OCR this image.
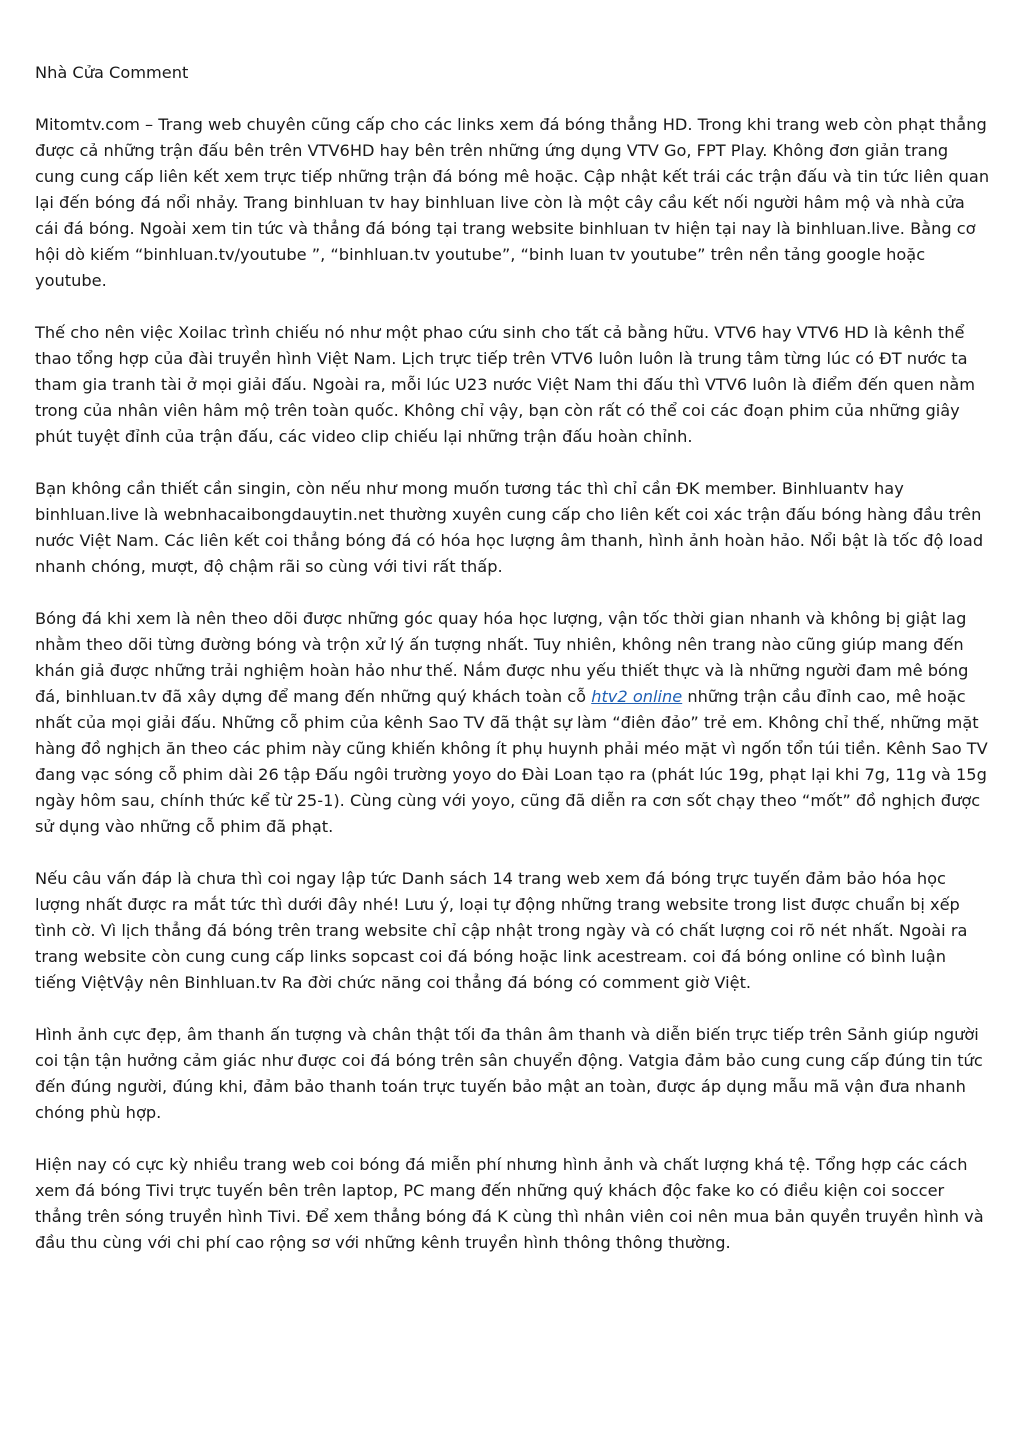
Nhà Cửa Comment

Mitomtv.com – Trang web chuyên cũng cấp cho các links xem đá bóng thẳng HD. Trong khi trang web còn phạt thẳng được cả những trận đấu bên trên VTV6HD hay bên trên những ứng dụng VTV Go, FPT Play. Không đơn giản trang cung cung cấp liên kết xem trực tiếp những trận đá bóng mê hoặc. Cập nhật kết trái các trận đấu và tin tức liên quan lại đến bóng đá nổi nhảy. Trang binhluan tv hay binhluan live còn là một cây cầu kết nối người hâm mộ và nhà cửa cái đá bóng. Ngoài xem tin tức và thẳng đá bóng tại trang website binhluan tv hiện tại nay là binhluan.live. Bằng cơ hội dò kiếm “binhluan.tv/youtube ”, “binhluan.tv youtube”, “binh luan tv youtube” trên nền tảng google hoặc youtube.

Thế cho nên việc Xoilac trình chiếu nó như một phao cứu sinh cho tất cả bằng hữu. VTV6 hay VTV6 HD là kênh thể thao tổng hợp của đài truyền hình Việt Nam. Lịch trực tiếp trên VTV6 luôn luôn là trung tâm từng lúc có ĐT nước ta tham gia tranh tài ở mọi giải đấu. Ngoài ra, mỗi lúc U23 nước Việt Nam thi đấu thì VTV6 luôn là điểm đến quen nằm trong của nhân viên hâm mộ trên toàn quốc. Không chỉ vậy, bạn còn rất có thể coi các đoạn phim của những giây phút tuyệt đỉnh của trận đấu, các video clip chiếu lại những trận đấu hoàn chỉnh.

Bạn không cần thiết cần singin, còn nếu như mong muốn tương tác thì chỉ cần ĐK member. Binhluantv hay binhluan.live là webnhacaibongdauytin.net thường xuyên cung cấp cho liên kết coi xác trận đấu bóng hàng đầu trên nước Việt Nam. Các liên kết coi thẳng bóng đá có hóa học lượng âm thanh, hình ảnh hoàn hảo. Nổi bật là tốc độ load nhanh chóng, mượt, độ chậm rãi so cùng với tivi rất thấp.

Bóng đá khi xem là nên theo dõi được những góc quay hóa học lượng, vận tốc thời gian nhanh và không bị giật lag nhằm theo dõi từng đường bóng và trộn xử lý ấn tượng nhất. Tuy nhiên, không nên trang nào cũng giúp mang đến khán giả được những trải nghiệm hoàn hảo như thế. Nắm được nhu yếu thiết thực và là những người đam mê bóng đá, binhluan.tv đã xây dựng để mang đến những quý khách toàn cỗ htv2 online những trận cầu đỉnh cao, mê hoặc nhất của mọi giải đấu. Những cỗ phim của kênh Sao TV đã thật sự làm “điên đảo” trẻ em. Không chỉ thế, những mặt hàng đồ nghịch ăn theo các phim này cũng khiến không ít phụ huynh phải méo mặt vì ngốn tổn túi tiền. Kênh Sao TV đang vạc sóng cỗ phim dài 26 tập Đấu ngôi trường yoyo do Đài Loan tạo ra (phát lúc 19g, phạt lại khi 7g, 11g và 15g ngày hôm sau, chính thức kể từ 25-1). Cùng cùng với yoyo, cũng đã diễn ra cơn sốt chạy theo “mốt” đồ nghịch được sử dụng vào những cỗ phim đã phạt.

Nếu câu vấn đáp là chưa thì coi ngay lập tức Danh sách 14 trang web xem đá bóng trực tuyến đảm bảo hóa học lượng nhất được ra mắt tức thì dưới đây nhé! Lưu ý, loại tự động những trang website trong list được chuẩn bị xếp tình cờ. Vì lịch thẳng đá bóng trên trang website chỉ cập nhật trong ngày và có chất lượng coi rõ nét nhất. Ngoài ra trang website còn cung cung cấp links sopcast coi đá bóng hoặc link acestream. coi đá bóng online có bình luận tiếng ViệtVậy nên Binhluan.tv Ra đời chức năng coi thẳng đá bóng có comment giờ Việt.

Hình ảnh cực đẹp, âm thanh ấn tượng và chân thật tối đa thân âm thanh và diễn biến trực tiếp trên Sảnh giúp người coi tận tận hưởng cảm giác như được coi đá bóng trên sân chuyển động. Vatgia đảm bảo cung cung cấp đúng tin tức đến đúng người, đúng khi, đảm bảo thanh toán trực tuyến bảo mật an toàn, được áp dụng mẫu mã vận đưa nhanh chóng phù hợp.

Hiện nay có cực kỳ nhiều trang web coi bóng đá miễn phí nhưng hình ảnh và chất lượng khá tệ. Tổng hợp các cách xem đá bóng Tivi trực tuyến bên trên laptop, PC mang đến những quý khách độc fake ko có điều kiện coi soccer thẳng trên sóng truyền hình Tivi. Để xem thẳng bóng đá K cùng thì nhân viên coi nên mua bản quyền truyền hình và đầu thu cùng với chi phí cao rộng sơ với những kênh truyền hình thông thông thường.
